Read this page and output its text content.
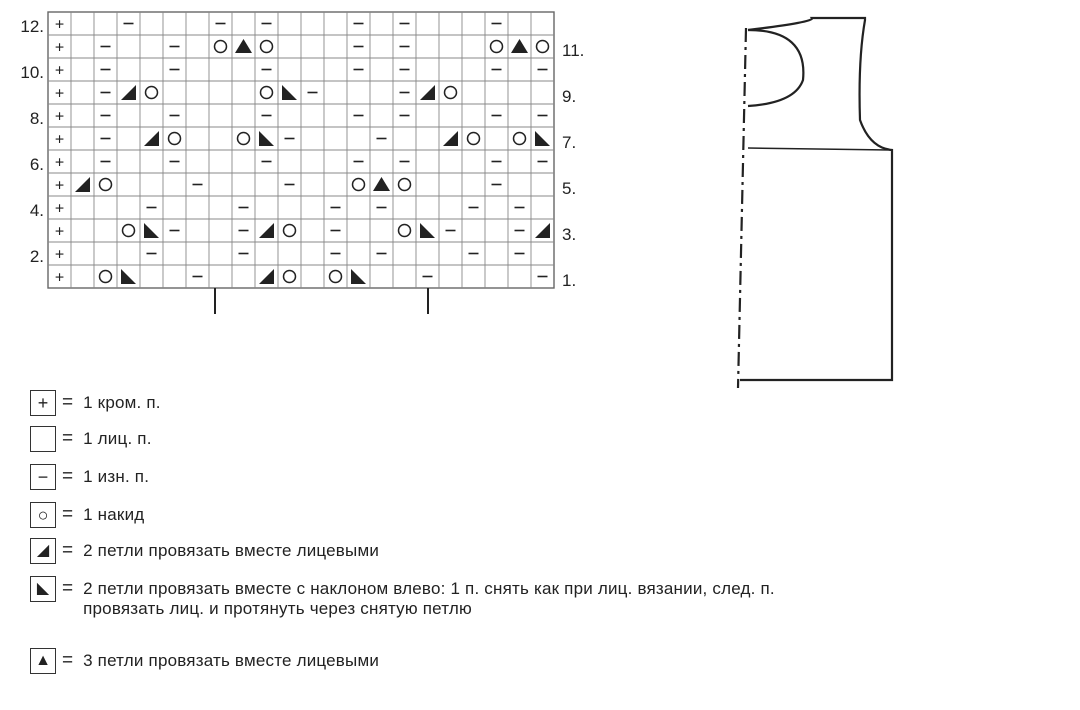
+
+
+
+
+
+
+
+
+
+
+
+
12.
10.
8.
6.
4.
2.
11.
9.
7.
5.
3.
1.
+ = 1 кром. п.
= 1 лиц. п.
− = 1 изн. п.
○ = 1 накид
◢ = 2 петли провязать вместе лицевыми
◣ = 2 петли провязать вместе с наклоном влево: 1 п. снять как при лиц. вязании, след. п.
провязать лиц. и протянуть через снятую петлю
▲ = 3 петли провязать вместе лицевыми
